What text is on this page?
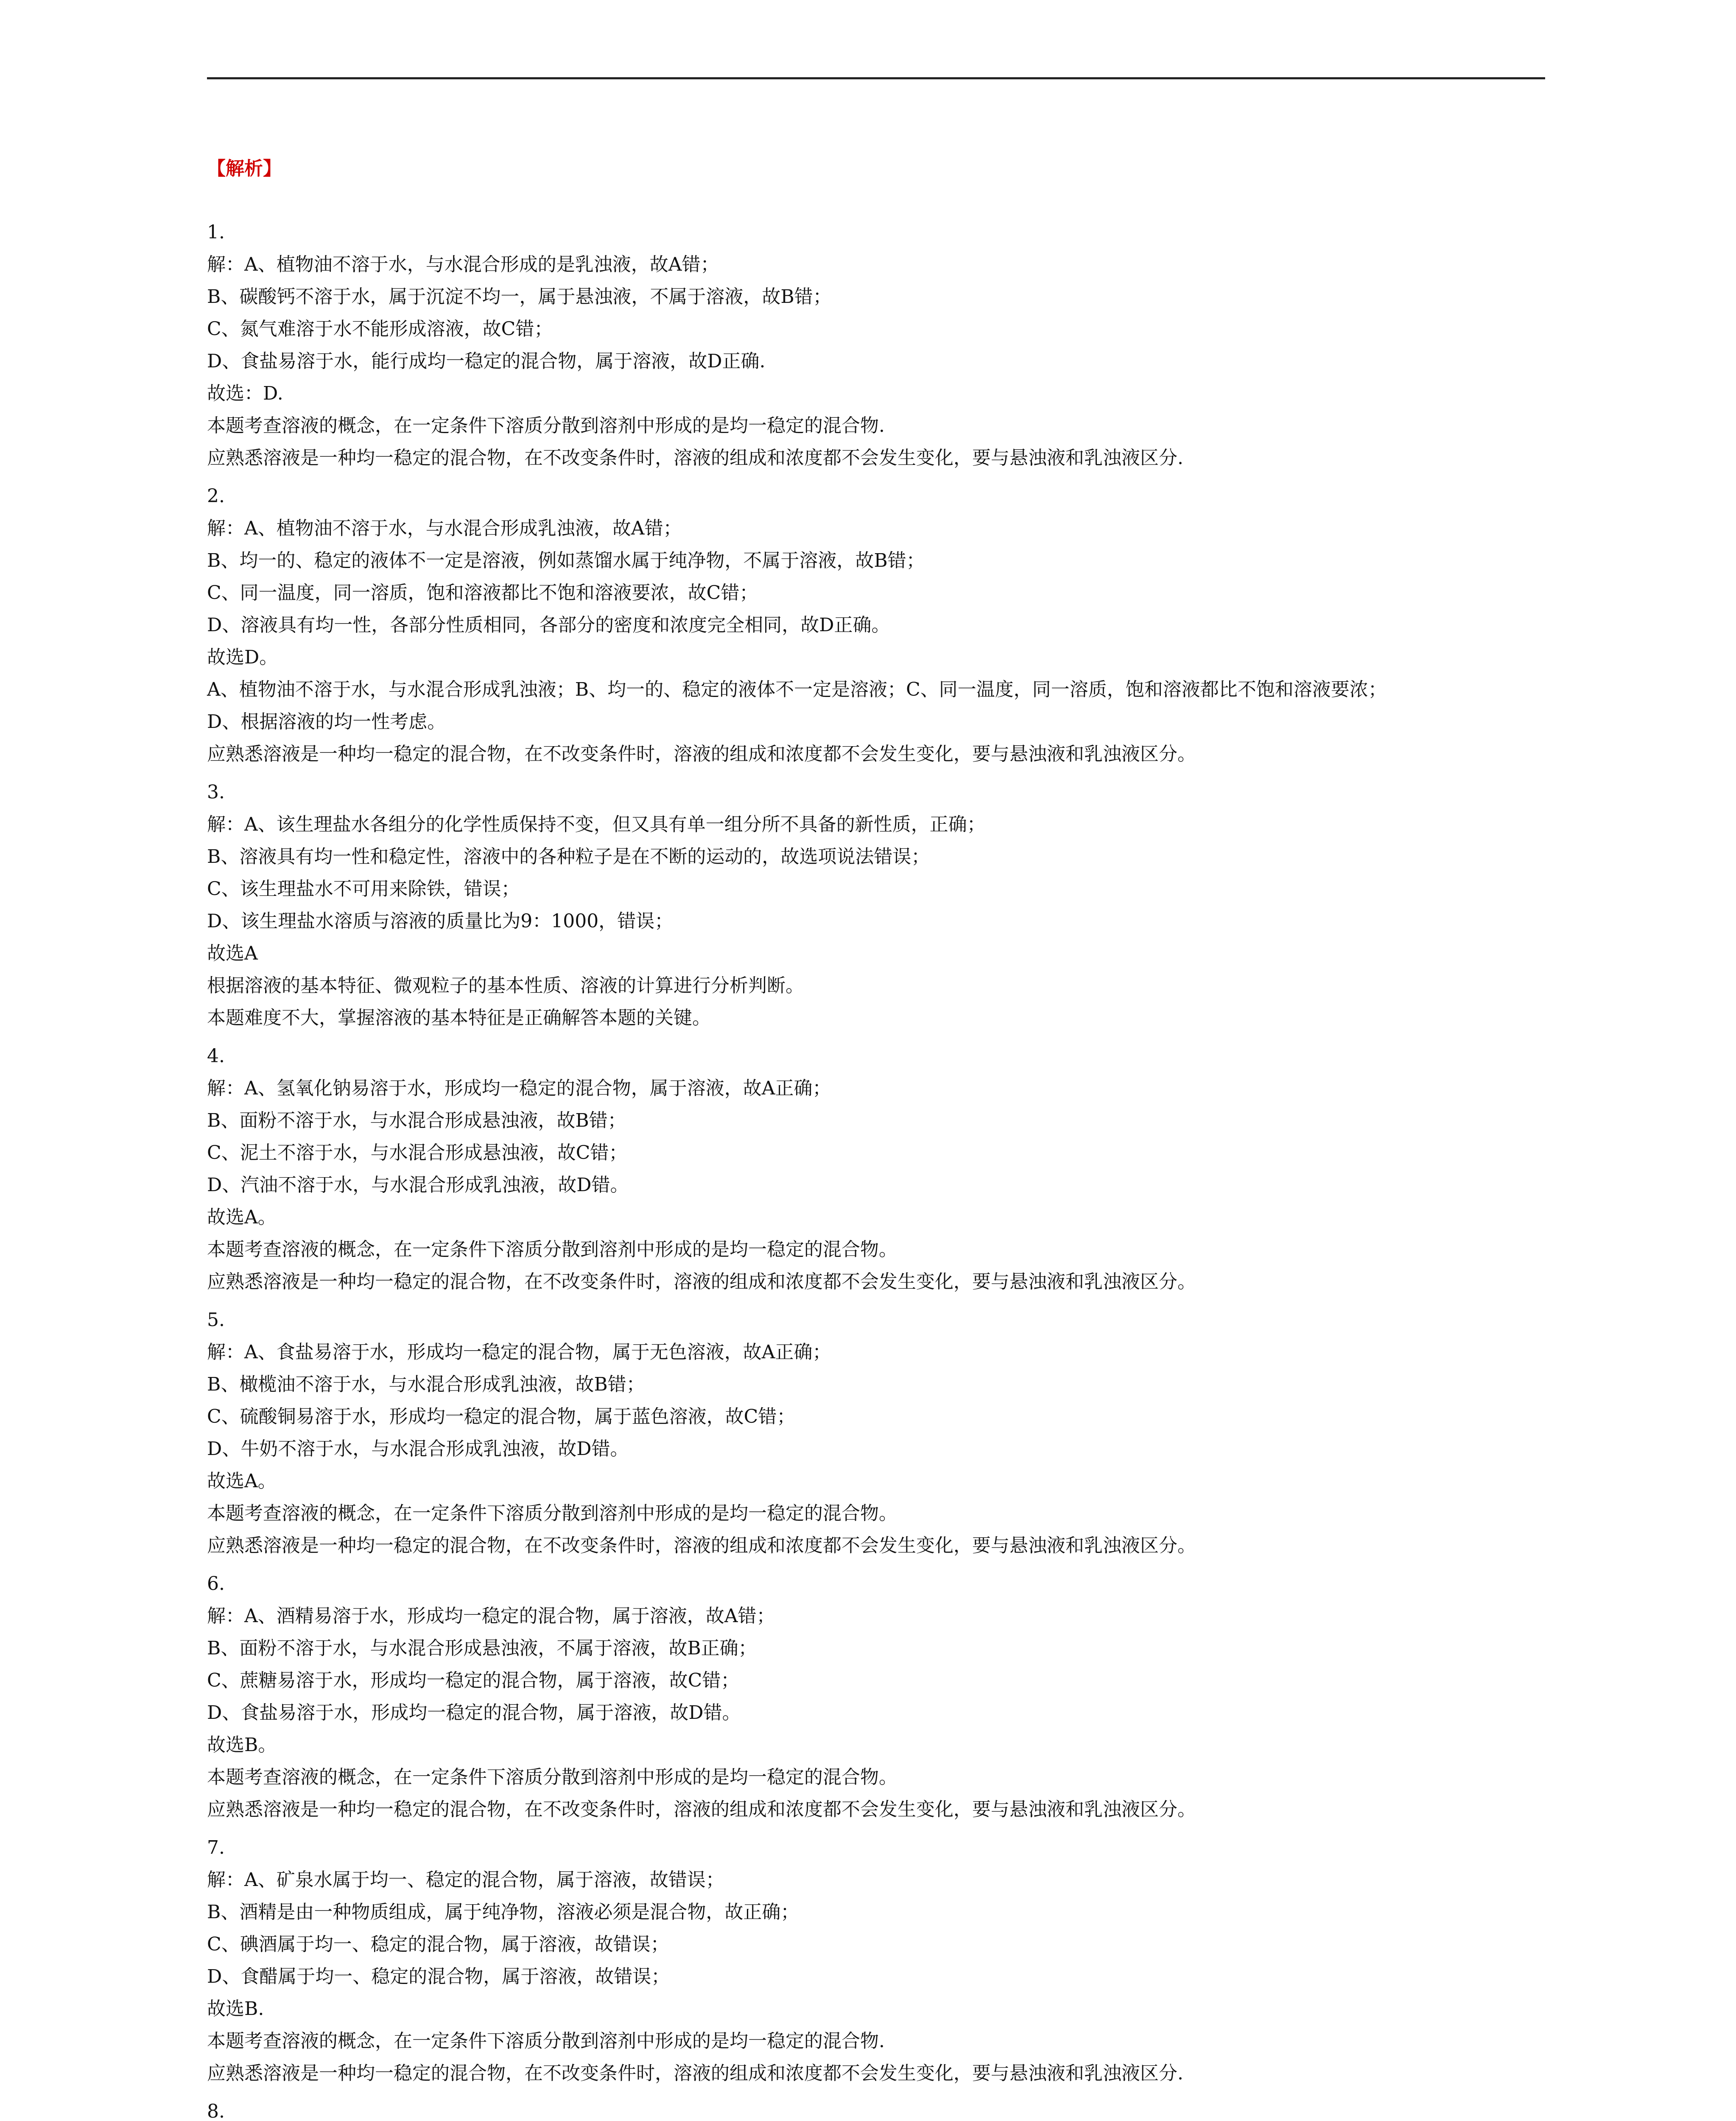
【解析】
1.
解：A、植物油不溶于水，与水混合形成的是乳浊液，故A错；
B、碳酸钙不溶于水，属于沉淀不均一，属于悬浊液，不属于溶液，故B错；
C、氮气难溶于水不能形成溶液，故C错；
D、食盐易溶于水，能行成均一稳定的混合物，属于溶液，故D正确.
故选：D.
本题考查溶液的概念，在一定条件下溶质分散到溶剂中形成的是均一稳定的混合物.
应熟悉溶液是一种均一稳定的混合物，在不改变条件时，溶液的组成和浓度都不会发生变化，要与悬浊液和乳浊液区分.
2.
解：A、植物油不溶于水，与水混合形成乳浊液，故A错；
B、均一的、稳定的液体不一定是溶液，例如蒸馏水属于纯净物，不属于溶液，故B错；
C、同一温度，同一溶质，饱和溶液都比不饱和溶液要浓，故C错；
D、溶液具有均一性，各部分性质相同，各部分的密度和浓度完全相同，故D正确。
故选D。
A、植物油不溶于水，与水混合形成乳浊液；B、均一的、稳定的液体不一定是溶液；C、同一温度，同一溶质，饱和溶液都比不饱和溶液要浓；
D、根据溶液的均一性考虑。
应熟悉溶液是一种均一稳定的混合物，在不改变条件时，溶液的组成和浓度都不会发生变化，要与悬浊液和乳浊液区分。
3.
解：A、该生理盐水各组分的化学性质保持不变，但又具有单一组分所不具备的新性质，正确；
B、溶液具有均一性和稳定性，溶液中的各种粒子是在不断的运动的，故选项说法错误；
C、该生理盐水不可用来除铁，错误；
D、该生理盐水溶质与溶液的质量比为9：1000，错误；
故选A
根据溶液的基本特征、微观粒子的基本性质、溶液的计算进行分析判断。
本题难度不大，掌握溶液的基本特征是正确解答本题的关键。
4.
解：A、氢氧化钠易溶于水，形成均一稳定的混合物，属于溶液，故A正确；
B、面粉不溶于水，与水混合形成悬浊液，故B错；
C、泥土不溶于水，与水混合形成悬浊液，故C错；
D、汽油不溶于水，与水混合形成乳浊液，故D错。
故选A。
本题考查溶液的概念，在一定条件下溶质分散到溶剂中形成的是均一稳定的混合物。
应熟悉溶液是一种均一稳定的混合物，在不改变条件时，溶液的组成和浓度都不会发生变化，要与悬浊液和乳浊液区分。
5.
解：A、食盐易溶于水，形成均一稳定的混合物，属于无色溶液，故A正确；
B、橄榄油不溶于水，与水混合形成乳浊液，故B错；
C、硫酸铜易溶于水，形成均一稳定的混合物，属于蓝色溶液，故C错；
D、牛奶不溶于水，与水混合形成乳浊液，故D错。
故选A。
本题考查溶液的概念，在一定条件下溶质分散到溶剂中形成的是均一稳定的混合物。
应熟悉溶液是一种均一稳定的混合物，在不改变条件时，溶液的组成和浓度都不会发生变化，要与悬浊液和乳浊液区分。
6.
解：A、酒精易溶于水，形成均一稳定的混合物，属于溶液，故A错；
B、面粉不溶于水，与水混合形成悬浊液，不属于溶液，故B正确；
C、蔗糖易溶于水，形成均一稳定的混合物，属于溶液，故C错；
D、食盐易溶于水，形成均一稳定的混合物，属于溶液，故D错。
故选B。
本题考查溶液的概念，在一定条件下溶质分散到溶剂中形成的是均一稳定的混合物。
应熟悉溶液是一种均一稳定的混合物，在不改变条件时，溶液的组成和浓度都不会发生变化，要与悬浊液和乳浊液区分。
7.
解：A、矿泉水属于均一、稳定的混合物，属于溶液，故错误；
B、酒精是由一种物质组成，属于纯净物，溶液必须是混合物，故正确；
C、碘酒属于均一、稳定的混合物，属于溶液，故错误；
D、食醋属于均一、稳定的混合物，属于溶液，故错误；
故选B.
本题考查溶液的概念，在一定条件下溶质分散到溶剂中形成的是均一稳定的混合物.
应熟悉溶液是一种均一稳定的混合物，在不改变条件时，溶液的组成和浓度都不会发生变化，要与悬浊液和乳浊液区分.
8.
